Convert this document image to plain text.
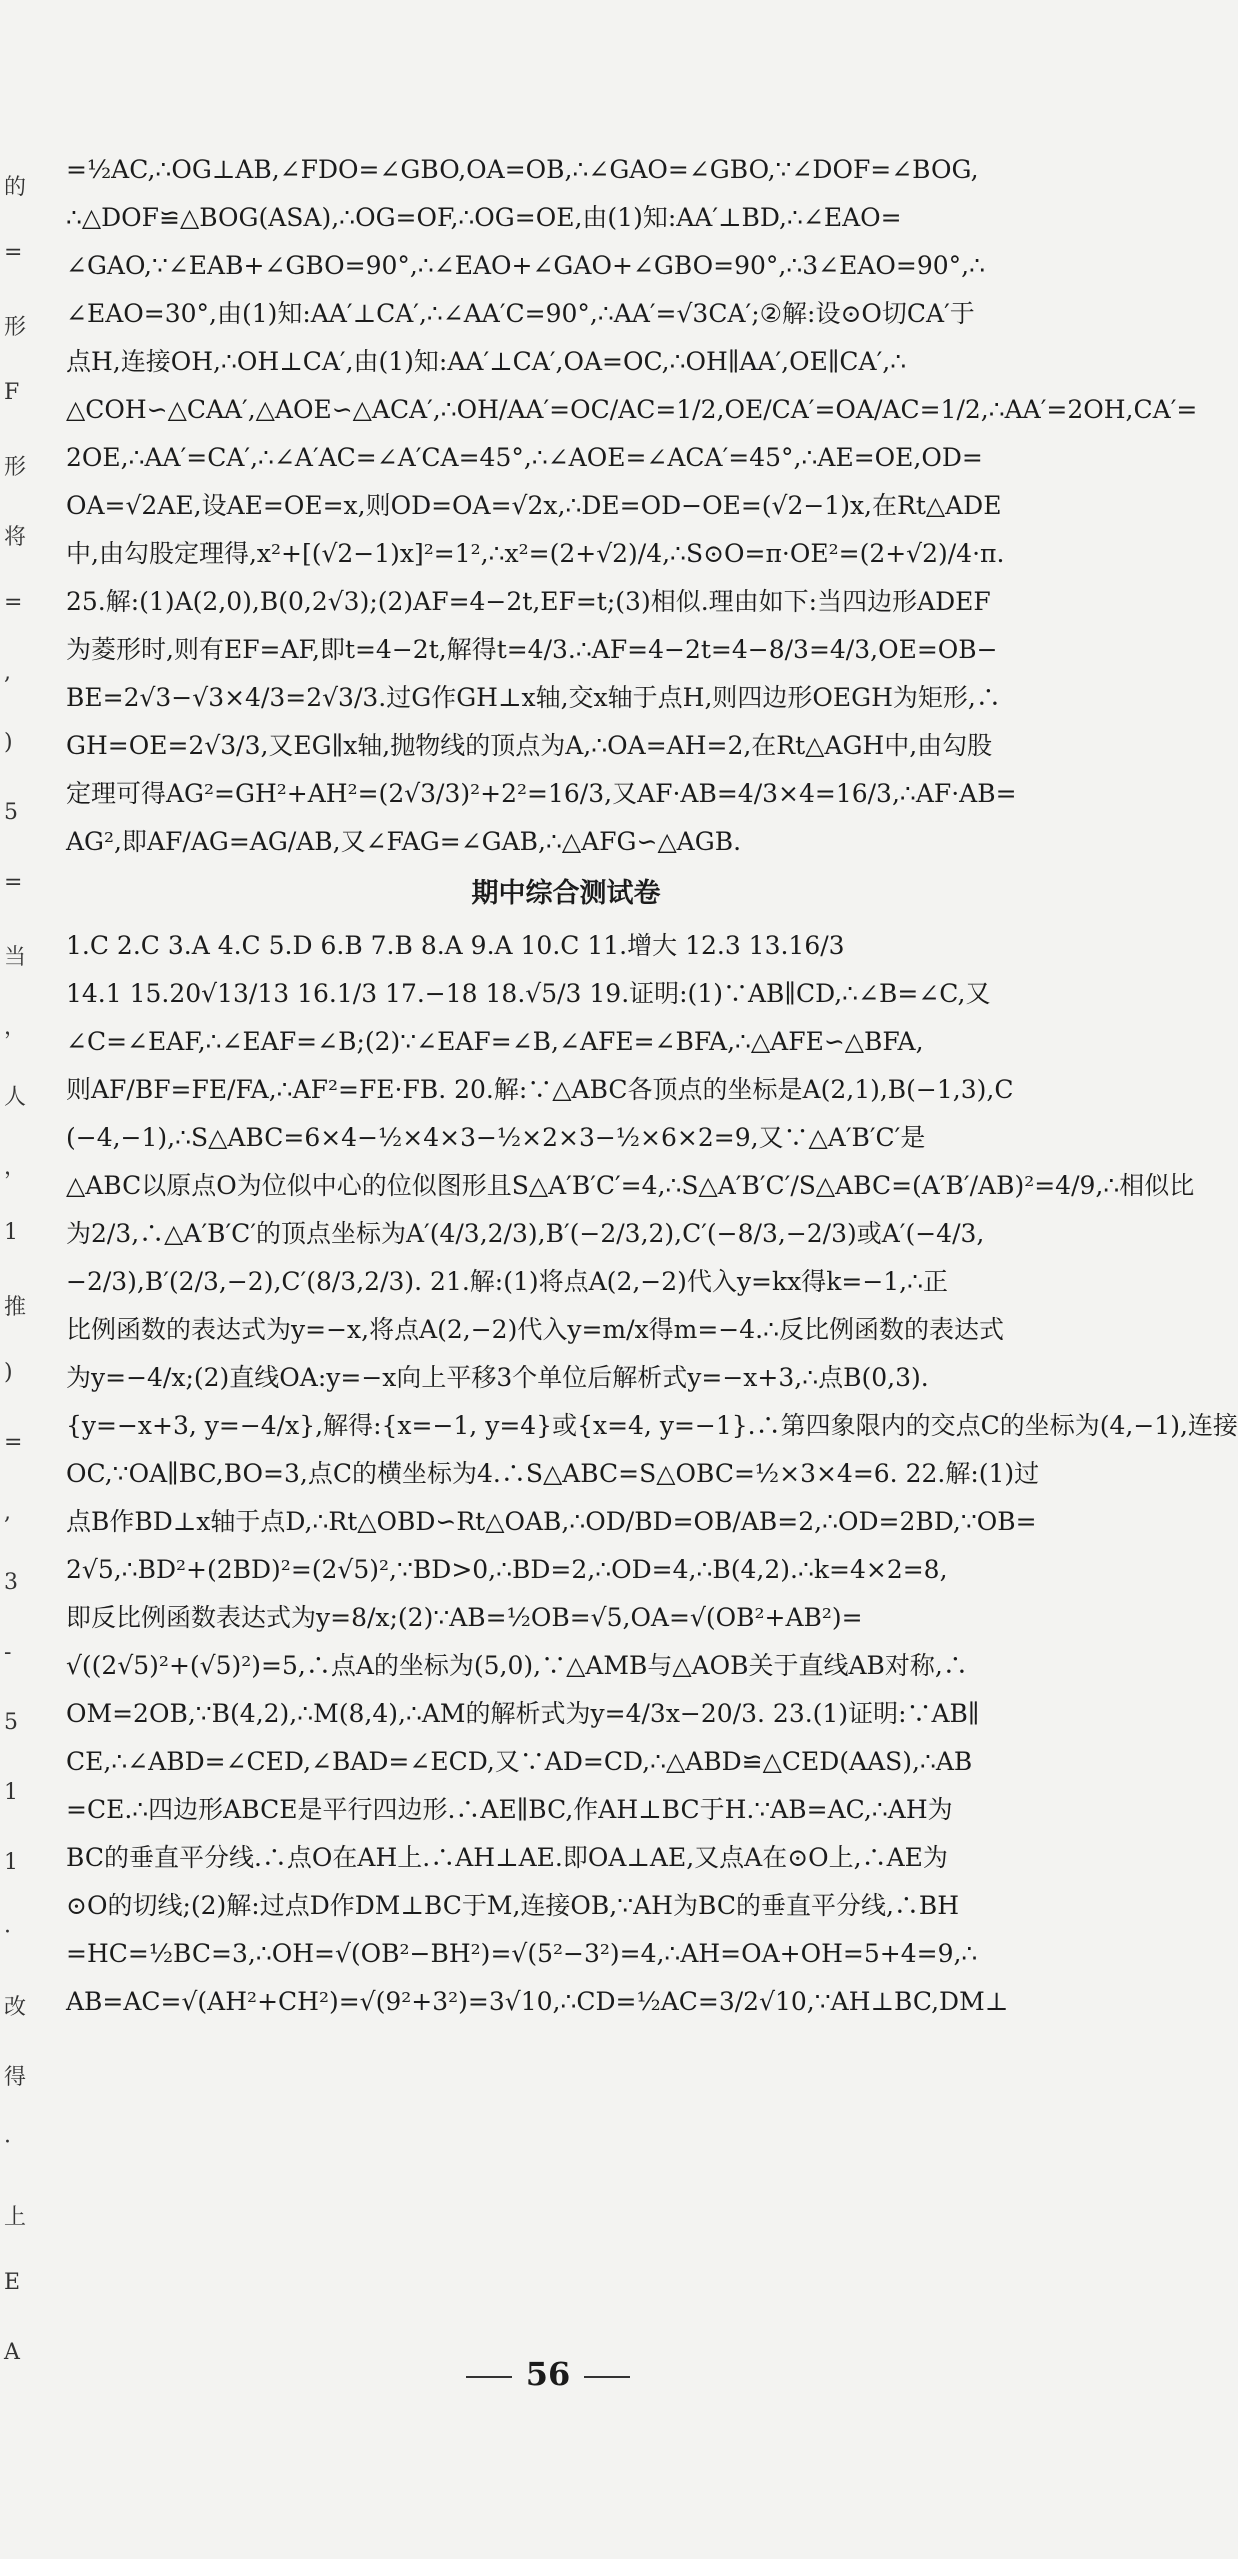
的
=
形
F
形
将
=
,
)
5
=
当
，
人
，
1
推
)
=
,
3
-
5
1
1
·
改
得
·
上
E
A
=½AC,∴OG⊥AB,∠FDO=∠GBO,OA=OB,∴∠GAO=∠GBO,∵∠DOF=∠BOG,
∴△DOF≌△BOG(ASA),∴OG=OF,∴OG=OE,由(1)知:AA′⊥BD,∴∠EAO=
∠GAO,∵∠EAB+∠GBO=90°,∴∠EAO+∠GAO+∠GBO=90°,∴3∠EAO=90°,∴
∠EAO=30°,由(1)知:AA′⊥CA′,∴∠AA′C=90°,∴AA′=√3CA′;②解:设⊙O切CA′于
点H,连接OH,∴OH⊥CA′,由(1)知:AA′⊥CA′,OA=OC,∴OH∥AA′,OE∥CA′,∴
△COH∽△CAA′,△AOE∽△ACA′,∴OH/AA′=OC/AC=1/2,OE/CA′=OA/AC=1/2,∴AA′=2OH,CA′=
2OE,∴AA′=CA′,∴∠A′AC=∠A′CA=45°,∴∠AOE=∠ACA′=45°,∴AE=OE,OD=
OA=√2AE,设AE=OE=x,则OD=OA=√2x,∴DE=OD−OE=(√2−1)x,在Rt△ADE
中,由勾股定理得,x²+[(√2−1)x]²=1²,∴x²=(2+√2)/4,∴S⊙O=π·OE²=(2+√2)/4·π.
25.解:(1)A(2,0),B(0,2√3);(2)AF=4−2t,EF=t;(3)相似.理由如下:当四边形ADEF
为菱形时,则有EF=AF,即t=4−2t,解得t=4/3.∴AF=4−2t=4−8/3=4/3,OE=OB−
BE=2√3−√3×4/3=2√3/3.过G作GH⊥x轴,交x轴于点H,则四边形OEGH为矩形,∴
GH=OE=2√3/3,又EG∥x轴,抛物线的顶点为A,∴OA=AH=2,在Rt△AGH中,由勾股
定理可得AG²=GH²+AH²=(2√3/3)²+2²=16/3,又AF·AB=4/3×4=16/3,∴AF·AB=
AG²,即AF/AG=AG/AB,又∠FAG=∠GAB,∴△AFG∽△AGB.
期中综合测试卷
1.C 2.C 3.A 4.C 5.D 6.B 7.B 8.A 9.A 10.C 11.增大 12.3 13.16/3
14.1 15.20√13/13 16.1/3 17.−18 18.√5/3 19.证明:(1)∵AB∥CD,∴∠B=∠C,又
∠C=∠EAF,∴∠EAF=∠B;(2)∵∠EAF=∠B,∠AFE=∠BFA,∴△AFE∽△BFA,
则AF/BF=FE/FA,∴AF²=FE·FB. 20.解:∵△ABC各顶点的坐标是A(2,1),B(−1,3),C
(−4,−1),∴S△ABC=6×4−½×4×3−½×2×3−½×6×2=9,又∵△A′B′C′是
△ABC以原点O为位似中心的位似图形且S△A′B′C′=4,∴S△A′B′C′/S△ABC=(A′B′/AB)²=4/9,∴相似比
为2/3,∴△A′B′C′的顶点坐标为A′(4/3,2/3),B′(−2/3,2),C′(−8/3,−2/3)或A′(−4/3,
−2/3),B′(2/3,−2),C′(8/3,2/3). 21.解:(1)将点A(2,−2)代入y=kx得k=−1,∴正
比例函数的表达式为y=−x,将点A(2,−2)代入y=m/x得m=−4.∴反比例函数的表达式
为y=−4/x;(2)直线OA:y=−x向上平移3个单位后解析式y=−x+3,∴点B(0,3).
{y=−x+3, y=−4/x},解得:{x=−1, y=4}或{x=4, y=−1}.∴第四象限内的交点C的坐标为(4,−1),连接
OC,∵OA∥BC,BO=3,点C的横坐标为4.∴S△ABC=S△OBC=½×3×4=6. 22.解:(1)过
点B作BD⊥x轴于点D,∴Rt△OBD∽Rt△OAB,∴OD/BD=OB/AB=2,∴OD=2BD,∵OB=
2√5,∴BD²+(2BD)²=(2√5)²,∵BD>0,∴BD=2,∴OD=4,∴B(4,2).∴k=4×2=8,
即反比例函数表达式为y=8/x;(2)∵AB=½OB=√5,OA=√(OB²+AB²)=
√((2√5)²+(√5)²)=5,∴点A的坐标为(5,0),∵△AMB与△AOB关于直线AB对称,∴
OM=2OB,∵B(4,2),∴M(8,4),∴AM的解析式为y=4/3x−20/3. 23.(1)证明:∵AB∥
CE,∴∠ABD=∠CED,∠BAD=∠ECD,又∵AD=CD,∴△ABD≌△CED(AAS),∴AB
=CE.∴四边形ABCE是平行四边形.∴AE∥BC,作AH⊥BC于H.∵AB=AC,∴AH为
BC的垂直平分线.∴点O在AH上.∴AH⊥AE.即OA⊥AE,又点A在⊙O上,∴AE为
⊙O的切线;(2)解:过点D作DM⊥BC于M,连接OB,∵AH为BC的垂直平分线,∴BH
=HC=½BC=3,∴OH=√(OB²−BH²)=√(5²−3²)=4,∴AH=OA+OH=5+4=9,∴
AB=AC=√(AH²+CH²)=√(9²+3²)=3√10,∴CD=½AC=3/2√10,∵AH⊥BC,DM⊥
56
